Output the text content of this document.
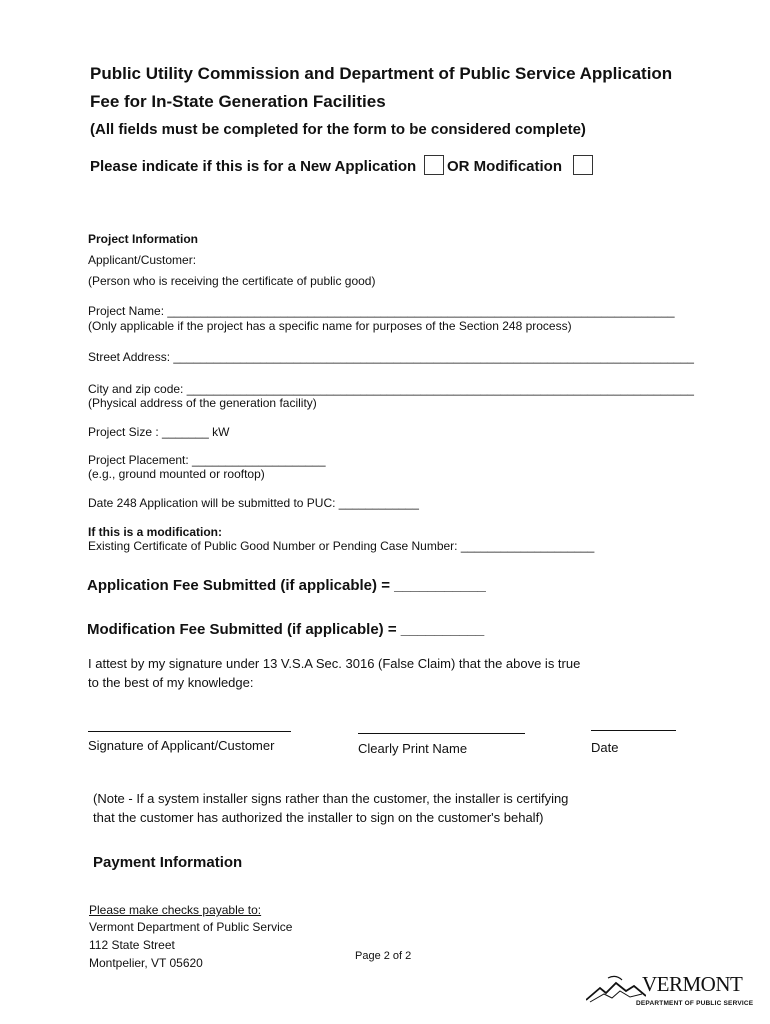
Public Utility Commission and Department of Public Service Application
Fee for In-State Generation Facilities
(All fields must be completed for the form to be considered complete)
Please indicate if this is for a New Application OR Modification
Project Information
Applicant/Customer:
(Person who is receiving the certificate of public good)
Project Name: ____________________________________________________________________________
(Only applicable if the project has a specific name for purposes of the Section 248 process)
Street Address: ______________________________________________________________________________
City and zip code: ____________________________________________________________________________
(Physical address of the generation facility)
Project Size : _______ kW
Project Placement: ____________________
(e.g., ground mounted or rooftop)
Date 248 Application will be submitted to PUC: ____________
If this is a modification:
Existing Certificate of Public Good Number or Pending Case Number: ____________________
Application Fee Submitted (if applicable) = ___________
Modification Fee Submitted (if applicable) = __________
I attest by my signature under 13 V.S.A Sec. 3016 (False Claim) that the above is true
to the best of my knowledge:
Signature of Applicant/Customer	Clearly Print Name	Date
(Note - If a system installer signs rather than the customer, the installer is certifying
that the customer has authorized the installer to sign on the customer's behalf)
Payment Information
Please make checks payable to:
Vermont Department of Public Service
112 State Street
Montpelier, VT 05620	Page 2 of 2
VERMONT
DEPARTMENT OF PUBLIC SERVICE
